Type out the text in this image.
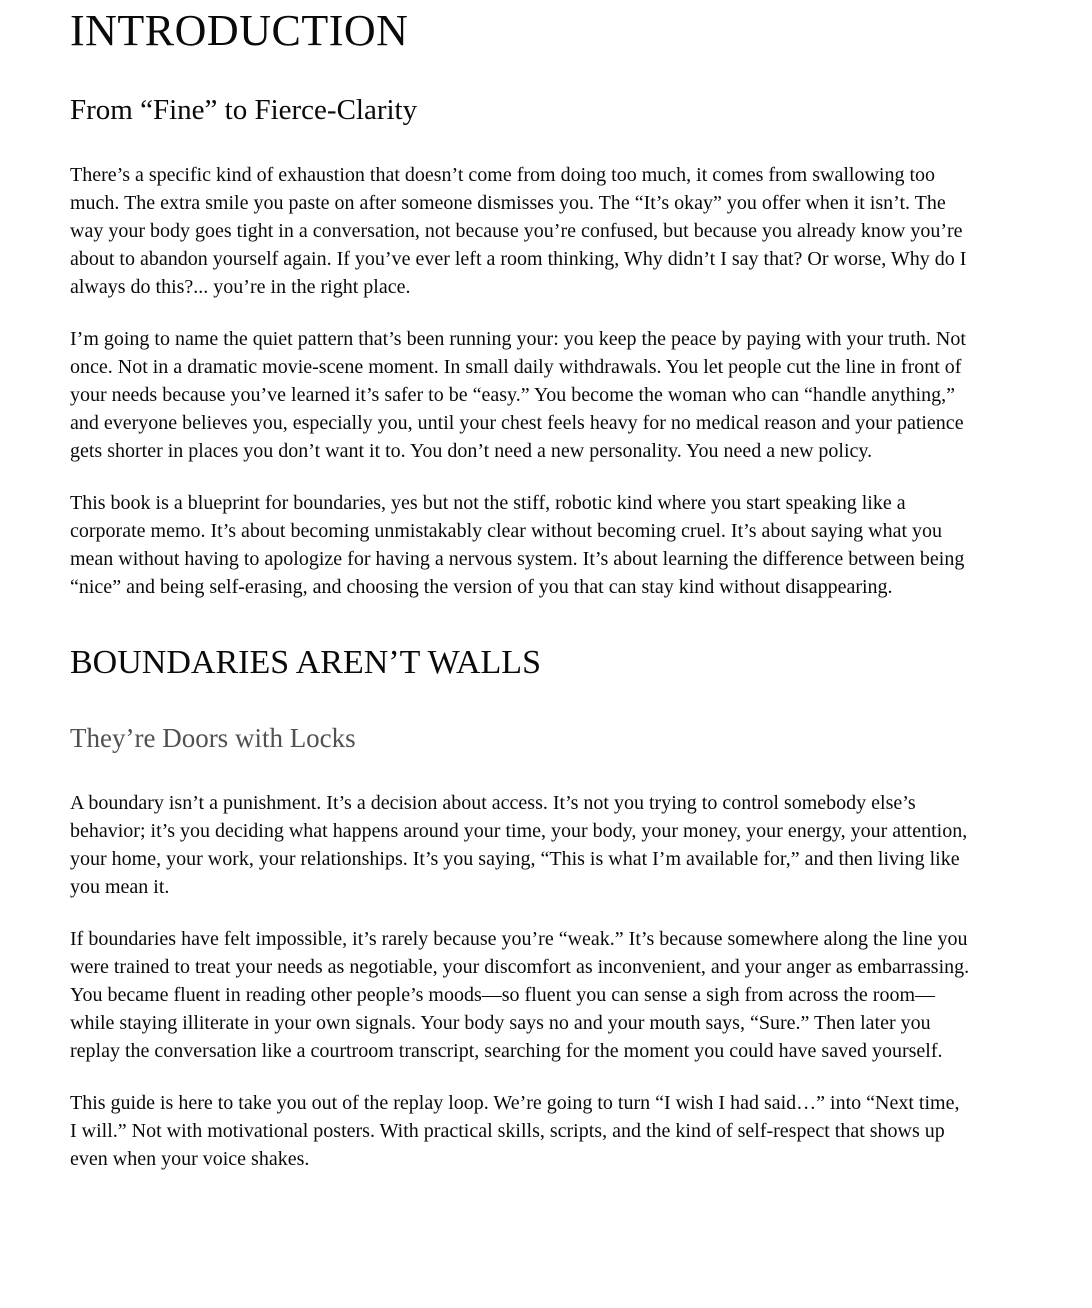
INTRODUCTION
From “Fine” to Fierce-Clarity

There’s a specific kind of exhaustion that doesn’t come from doing too much, it comes from swallowing too much. The extra smile you paste on after someone dismisses you. The “It’s okay” you offer when it isn’t. The way your body goes tight in a conversation, not because you’re confused, but because you already know you’re about to abandon yourself again. If you’ve ever left a room thinking, Why didn’t I say that? Or worse, Why do I always do this?... you’re in the right place.

I’m going to name the quiet pattern that’s been running your: you keep the peace by paying with your truth. Not once. Not in a dramatic movie-scene moment. In small daily withdrawals. You let people cut the line in front of your needs because you’ve learned it’s safer to be “easy.” You become the woman who can “handle anything,” and everyone believes you, especially you, until your chest feels heavy for no medical reason and your patience gets shorter in places you don’t want it to. You don’t need a new personality. You need a new policy.

This book is a blueprint for boundaries, yes but not the stiff, robotic kind where you start speaking like a corporate memo. It’s about becoming unmistakably clear without becoming cruel. It’s about saying what you mean without having to apologize for having a nervous system. It’s about learning the difference between being “nice” and being self-erasing, and choosing the version of you that can stay kind without disappearing.

BOUNDARIES AREN’T WALLS
They’re Doors with Locks

A boundary isn’t a punishment. It’s a decision about access. It’s not you trying to control somebody else’s behavior; it’s you deciding what happens around your time, your body, your money, your energy, your attention, your home, your work, your relationships. It’s you saying, “This is what I’m available for,” and then living like you mean it.

If boundaries have felt impossible, it’s rarely because you’re “weak.” It’s because somewhere along the line you were trained to treat your needs as negotiable, your discomfort as inconvenient, and your anger as embarrassing. You became fluent in reading other people’s moods—so fluent you can sense a sigh from across the room—while staying illiterate in your own signals. Your body says no and your mouth says, “Sure.” Then later you replay the conversation like a courtroom transcript, searching for the moment you could have saved yourself.

This guide is here to take you out of the replay loop. We’re going to turn “I wish I had said…” into “Next time, I will.” Not with motivational posters. With practical skills, scripts, and the kind of self-respect that shows up even when your voice shakes.
